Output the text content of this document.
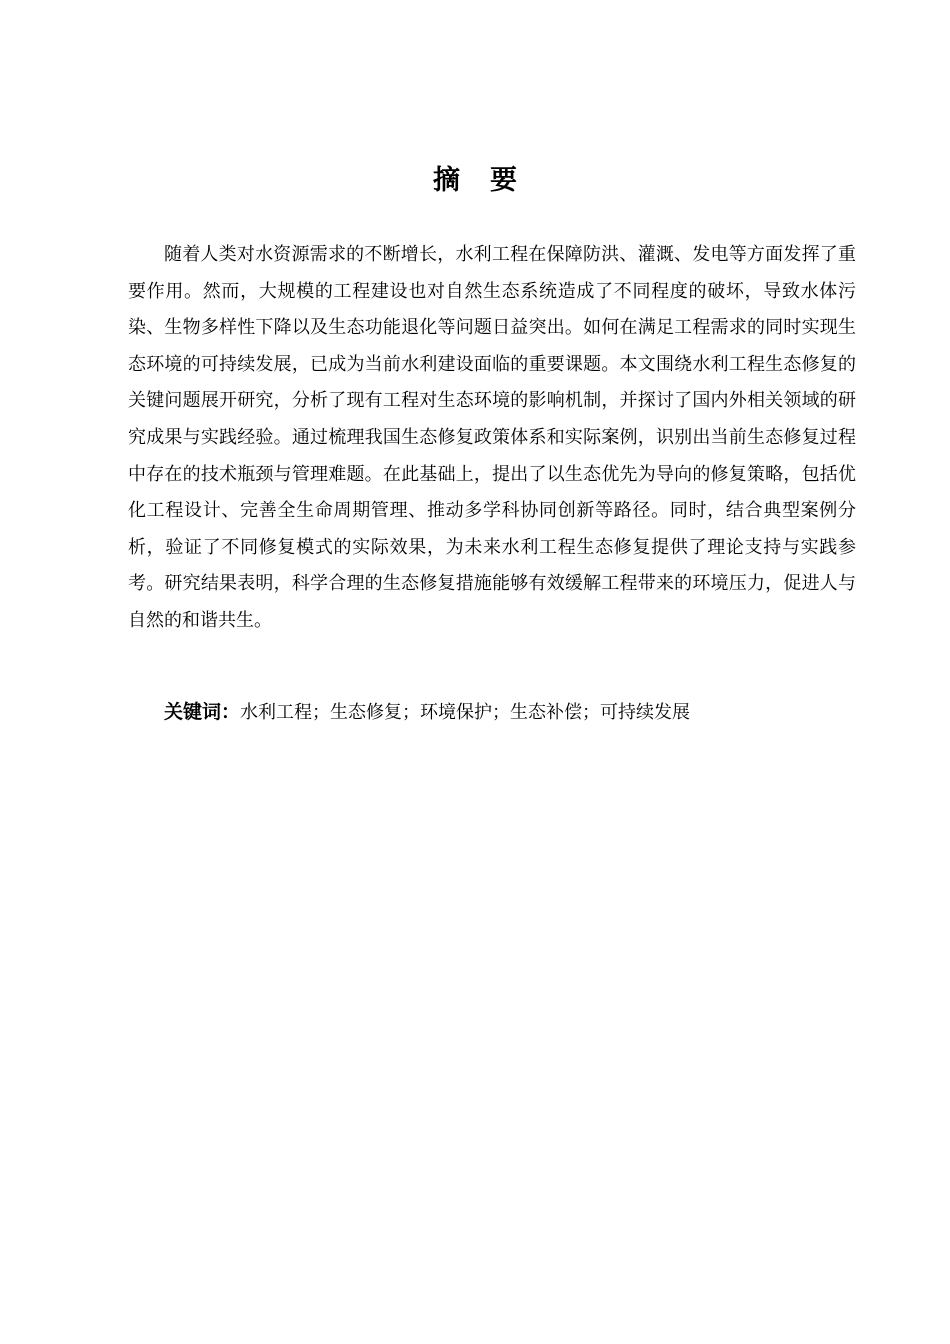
摘 要

随着人类对水资源需求的不断增长，水利工程在保障防洪、灌溉、发电等方面发挥了重要作用。然而，大规模的工程建设也对自然生态系统造成了不同程度的破坏，导致水体污染、生物多样性下降以及生态功能退化等问题日益突出。如何在满足工程需求的同时实现生态环境的可持续发展，已成为当前水利建设面临的重要课题。本文围绕水利工程生态修复的关键问题展开研究，分析了现有工程对生态环境的影响机制，并探讨了国内外相关领域的研究成果与实践经验。通过梳理我国生态修复政策体系和实际案例，识别出当前生态修复过程中存在的技术瓶颈与管理难题。在此基础上，提出了以生态优先为导向的修复策略，包括优化工程设计、完善全生命周期管理、推动多学科协同创新等路径。同时，结合典型案例分析，验证了不同修复模式的实际效果，为未来水利工程生态修复提供了理论支持与实践参考。研究结果表明，科学合理的生态修复措施能够有效缓解工程带来的环境压力，促进人与自然的和谐共生。

关键词：水利工程；生态修复；环境保护；生态补偿；可持续发展
